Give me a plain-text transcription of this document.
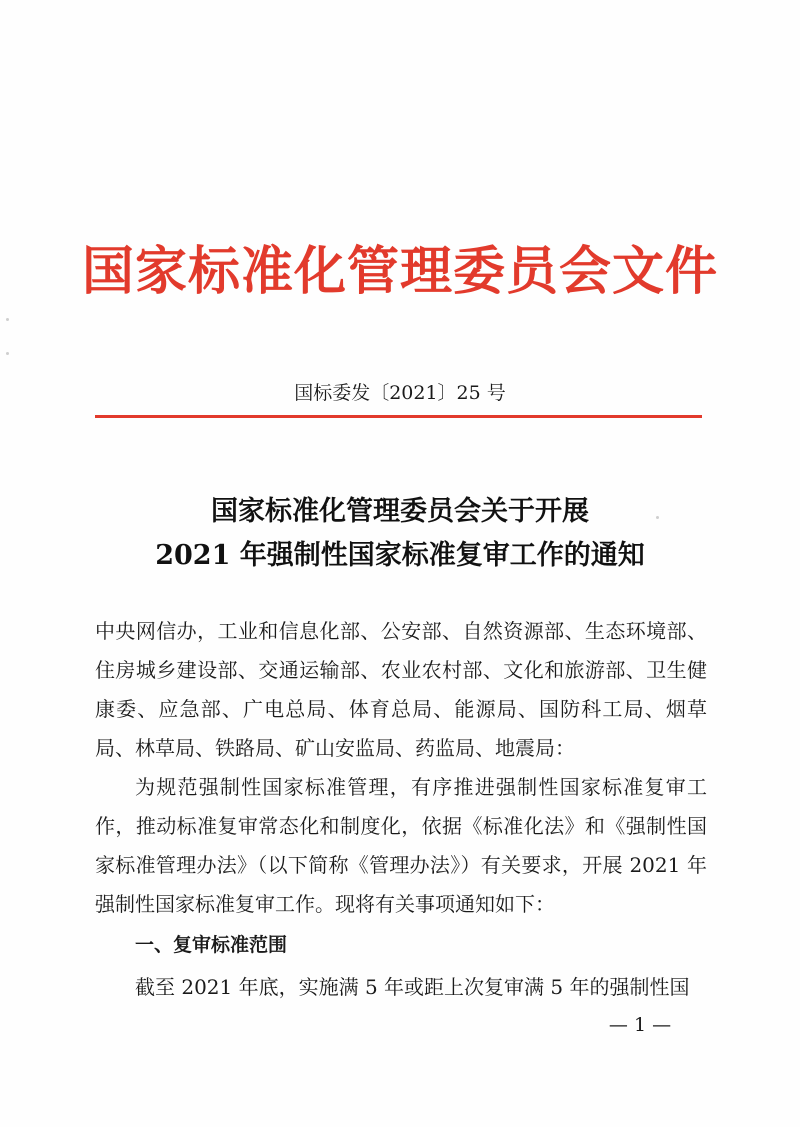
国家标准化管理委员会文件
国标委发〔2021〕25 号
国家标准化管理委员会关于开展
2021 年强制性国家标准复审工作的通知
中央网信办，工业和信息化部、公安部、自然资源部、生态环境部、住房城乡建设部、交通运输部、农业农村部、文化和旅游部、卫生健康委、应急部、广电总局、体育总局、能源局、国防科工局、烟草局、林草局、铁路局、矿山安监局、药监局、地震局：
为规范强制性国家标准管理，有序推进强制性国家标准复审工作，推动标准复审常态化和制度化，依据《标准化法》和《强制性国家标准管理办法》（以下简称《管理办法》）有关要求，开展 2021 年强制性国家标准复审工作。现将有关事项通知如下：
一、复审标准范围
截至 2021 年底，实施满 5 年或距上次复审满 5 年的强制性国
— 1 —
